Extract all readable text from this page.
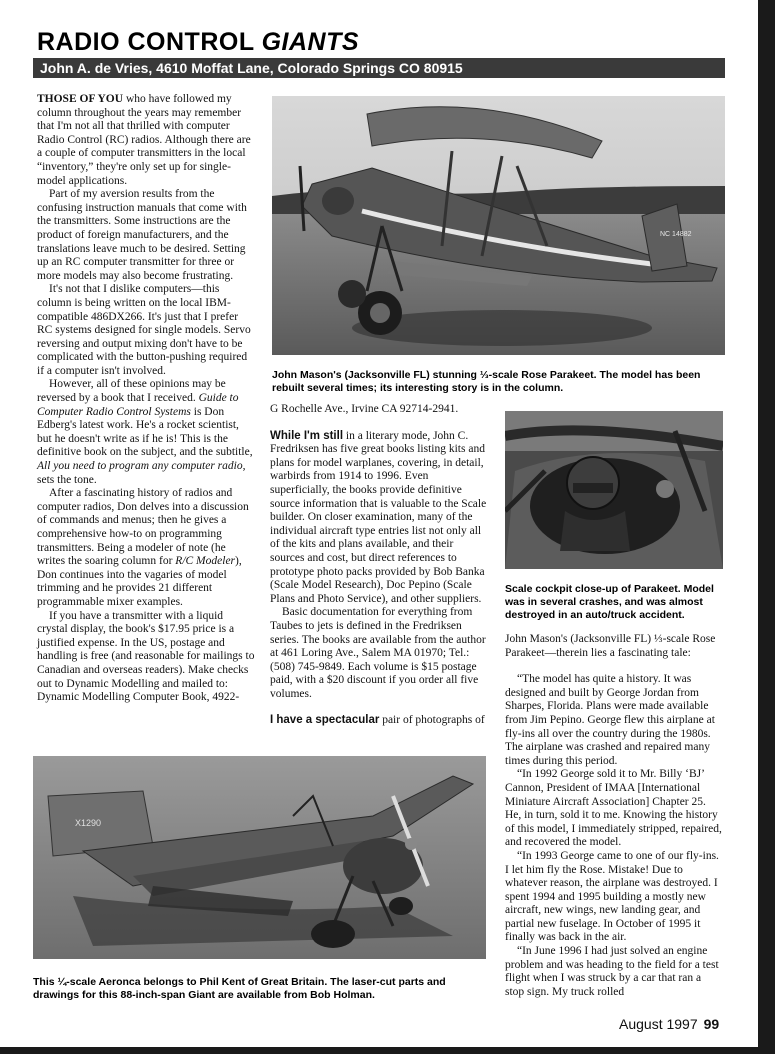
RADIO CONTROL GIANTS
John A. de Vries, 4610 Moffat Lane, Colorado Springs CO 80915

THOSE OF YOU who have followed my column throughout the years may remember that I'm not all that thrilled with computer Radio Control (RC) radios. Although there are a couple of computer transmitters in the local “inventory,” they're only set up for single-model applications.

Part of my aversion results from the confusing instruction manuals that come with the transmitters. Some instructions are the product of foreign manufacturers, and the translations leave much to be desired. Setting up an RC computer transmitter for three or more models may also become frustrating.

It's not that I dislike computers—this column is being written on the local IBM-compatible 486DX266. It's just that I prefer RC systems designed for single models. Servo reversing and output mixing don't have to be complicated with the button-pushing required if a computer isn't involved.

However, all of these opinions may be reversed by a book that I received. Guide to Computer Radio Control Systems is Don Edberg's latest work. He's a rocket scientist, but he doesn't write as if he is! This is the definitive book on the subject, and the subtitle, All you need to program any computer radio, sets the tone.

After a fascinating history of radios and computer radios, Don delves into a discussion of commands and menus; then he gives a comprehensive how-to on programming transmitters. Being a modeler of note (he writes the soaring column for R/C Modeler), Don continues into the vagaries of model trimming and he provides 21 different programmable mixer examples.

If you have a transmitter with a liquid crystal display, the book's $17.95 price is a justified expense. In the US, postage and handling is free (and reasonable for mailings to Canadian and overseas readers). Make checks out to Dynamic Modelling and mailed to: Dynamic Modelling Computer Book, 4922-

NC 14882
John Mason's (Jacksonville FL) stunning ⅓-scale Rose Parakeet. The model has been rebuilt several times; its interesting story is in the column.

G Rochelle Ave., Irvine CA 92714-2941.

While I'm still in a literary mode, John C. Fredriksen has five great books listing kits and plans for model warplanes, covering, in detail, warbirds from 1914 to 1996. Even superficially, the books provide definitive source information that is valuable to the Scale builder. On closer examination, many of the individual aircraft type entries list not only all of the kits and plans available, and their sources and cost, but direct references to prototype photo packs provided by Bob Banka (Scale Model Research), Doc Pepino (Scale Plans and Photo Service), and other suppliers.

Basic documentation for everything from Taubes to jets is defined in the Fredriksen series. The books are available from the author at 461 Loring Ave., Salem MA 01970; Tel.: (508) 745-9849. Each volume is $15 postage paid, with a $20 discount if you order all five volumes.

I have a spectacular pair of photographs of

Scale cockpit close-up of Parakeet. Model was in several crashes, and was almost destroyed in an auto/truck accident.

John Mason's (Jacksonville FL) ⅓-scale Rose Parakeet—therein lies a fascinating tale:

“The model has quite a history. It was designed and built by George Jordan from Sharpes, Florida. Plans were made available from Jim Pepino. George flew this airplane at fly-ins all over the country during the 1980s. The airplane was crashed and repaired many times during this period.

“In 1992 George sold it to Mr. Billy ‘BJ’ Cannon, President of IMAA [International Miniature Aircraft Association] Chapter 25. He, in turn, sold it to me. Knowing the history of this model, I immediately stripped, repaired, and recovered the model.

“In 1993 George came to one of our fly-ins. I let him fly the Rose. Mistake! Due to whatever reason, the airplane was destroyed. I spent 1994 and 1995 building a mostly new aircraft, new wings, new landing gear, and partial new fuselage. In October of 1995 it finally was back in the air.

“In June 1996 I had just solved an engine problem and was heading to the field for a test flight when I was struck by a car that ran a stop sign. My truck rolled

X1290
This ¼-scale Aeronca belongs to Phil Kent of Great Britain. The laser-cut parts and drawings for this 88-inch-span Giant are available from Bob Holman.
August 1997 99
